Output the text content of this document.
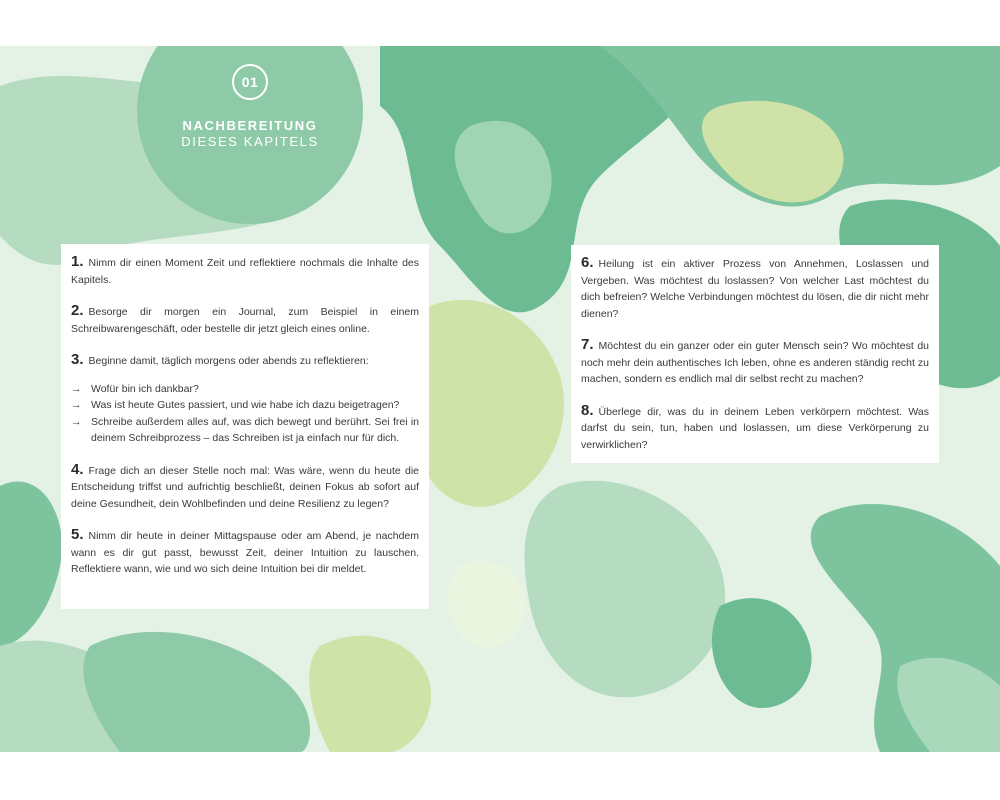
01
NACHBEREITUNG
DIESES KAPITELS

1. Nimm dir einen Moment Zeit und reflektiere nochmals die Inhalte des Kapitels.

2. Besorge dir morgen ein Journal, zum Beispiel in einem Schreibwarengeschäft, oder bestelle dir jetzt gleich eines online.

3. Beginne damit, täglich morgens oder abends zu reflektieren:

→ Wofür bin ich dankbar?
→ Was ist heute Gutes passiert, und wie habe ich dazu beigetragen?
→ Schreibe außerdem alles auf, was dich bewegt und berührt. Sei frei in deinem Schreibprozess – das Schreiben ist ja einfach nur für dich.

4. Frage dich an dieser Stelle noch mal: Was wäre, wenn du heute die Entscheidung triffst und aufrichtig beschließt, deinen Fokus ab sofort auf deine Gesundheit, dein Wohlbefinden und deine Resilienz zu legen?

5. Nimm dir heute in deiner Mittagspause oder am Abend, je nachdem wann es dir gut passt, bewusst Zeit, deiner Intuition zu lauschen. Reflektiere wann, wie und wo sich deine Intuition bei dir meldet.

6. Heilung ist ein aktiver Prozess von Annehmen, Loslassen und Vergeben. Was möchtest du loslassen? Von welcher Last möchtest du dich befreien? Welche Verbindungen möchtest du lösen, die dir nicht mehr dienen?

7. Möchtest du ein ganzer oder ein guter Mensch sein? Wo möchtest du noch mehr dein authentisches Ich leben, ohne es anderen ständig recht zu machen, sondern es endlich mal dir selbst recht zu machen?

8. Überlege dir, was du in deinem Leben verkörpern möchtest. Was darfst du sein, tun, haben und loslassen, um diese Verkörperung zu verwirklichen?
